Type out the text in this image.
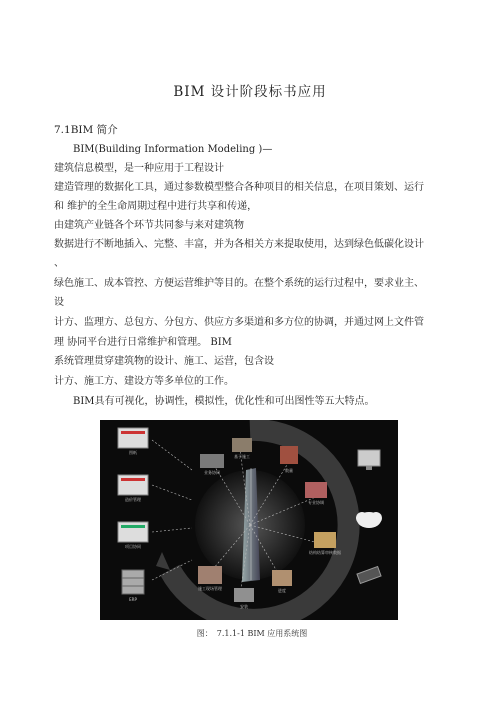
BIM 设计阶段标书应用
7.1BIM 简介
BIM(Building Information Modeling )—
建筑信息模型，是一种应用于工程设计
建造管理的数据化工具，通过参数模型整合各种项目的相关信息，在项目策划、运行
和 维护的全生命周期过程中进行共享和传递，
由建筑产业链各个环节共同参与来对建筑物
数据进行不断地插入、完整、丰富，并为各相关方来提取使用，达到绿色低碳化设计
、
绿色施工、成本管控、方便运营维护等目的。在整个系统的运行过程中，要求业主、
设
计方、监理方、总包方、分包方、供应方多渠道和多方位的协调，并通过网上文件管
理 协同平台进行日常维护和管理。 BIM
系统管理贯穿建筑物的设计、施工、运营，包含设
计方、施工方、建设方等多单位的工作。
BIM具有可视化，协调性，模拟性，优化性和可出图性等五大特点。
图纸
造价管理
项目协同
ERP
业务协同
基于施工
数量
专业协调
结构结算审核数据
施工现场管理
安装
进度
图： 7.1.1-1 BIM 应用系统图
